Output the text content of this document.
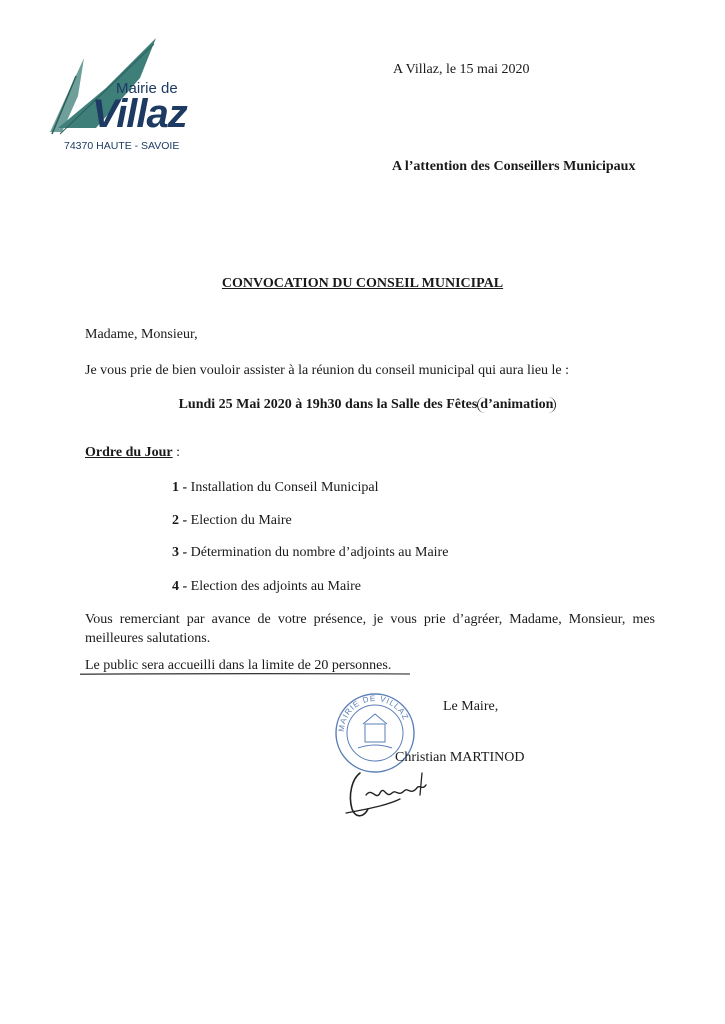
Mairie de
Villaz
74370 HAUTE - SAVOIE
A Villaz, le 15 mai 2020
A l’attention des Conseillers Municipaux
CONVOCATION DU CONSEIL MUNICIPAL
Madame, Monsieur,
Je vous prie de bien vouloir assister à la réunion du conseil municipal qui aura lieu le :
Lundi 25 Mai 2020 à 19h30 dans la Salle des Fêtes d’animation
Ordre du Jour :
1 - Installation du Conseil Municipal
2 - Election du Maire
3 - Détermination du nombre d’adjoints au Maire
4 - Election des adjoints au Maire
Vous remerciant par avance de votre présence, je vous prie d’agréer, Madame, Monsieur, mes
meilleures salutations.
Le public sera accueilli dans la limite de 20 personnes.
MAIRIE DE VILLAZ
Le Maire,
Christian MARTINOD
